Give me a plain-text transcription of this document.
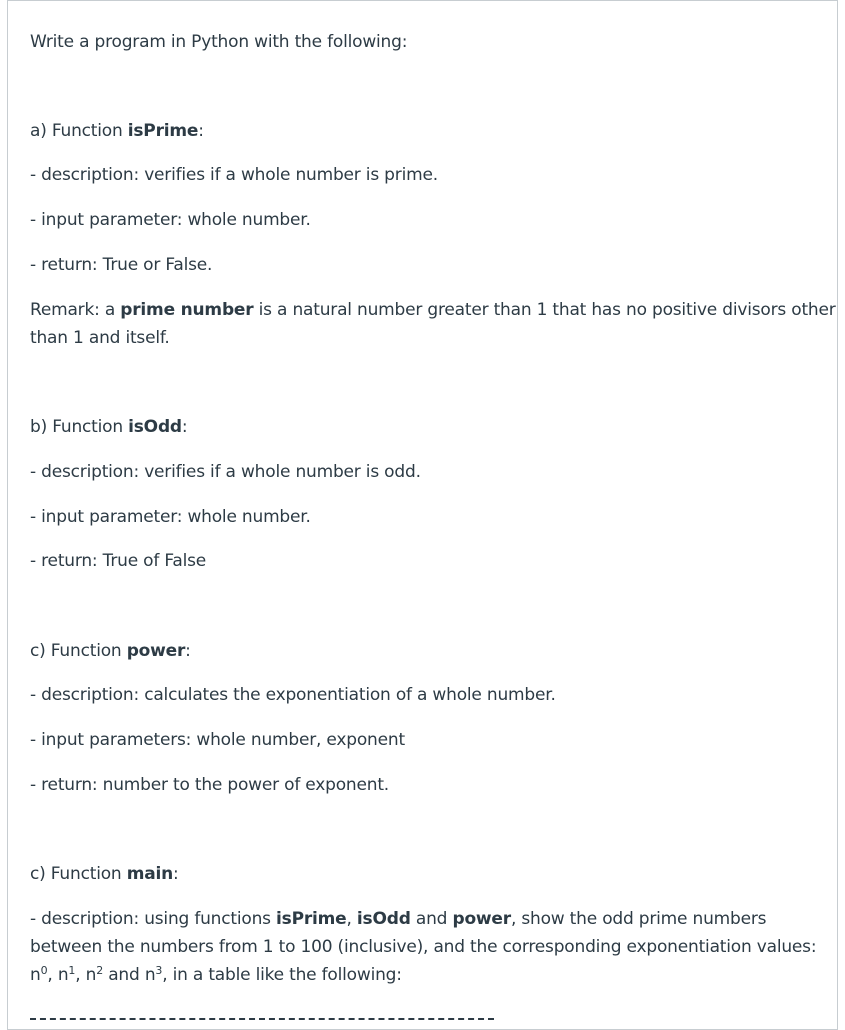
Write a program in Python with the following:

a) Function isPrime:

- description: verifies if a whole number is prime.

- input parameter: whole number.

- return: True or False.

Remark: a prime number is a natural number greater than 1 that has no positive divisors other
than 1 and itself.

b) Function isOdd:

- description: verifies if a whole number is odd.

- input parameter: whole number.

- return: True of False

c) Function power:

- description: calculates the exponentiation of a whole number.

- input parameters: whole number, exponent

- return: number to the power of exponent.

c) Function main:

- description: using functions isPrime, isOdd and power, show the odd prime numbers
between the numbers from 1 to 100 (inclusive), and the corresponding exponentiation values:
$n^0$, $n^1$, $n^2$ and $n^3$, in a table like the following:
